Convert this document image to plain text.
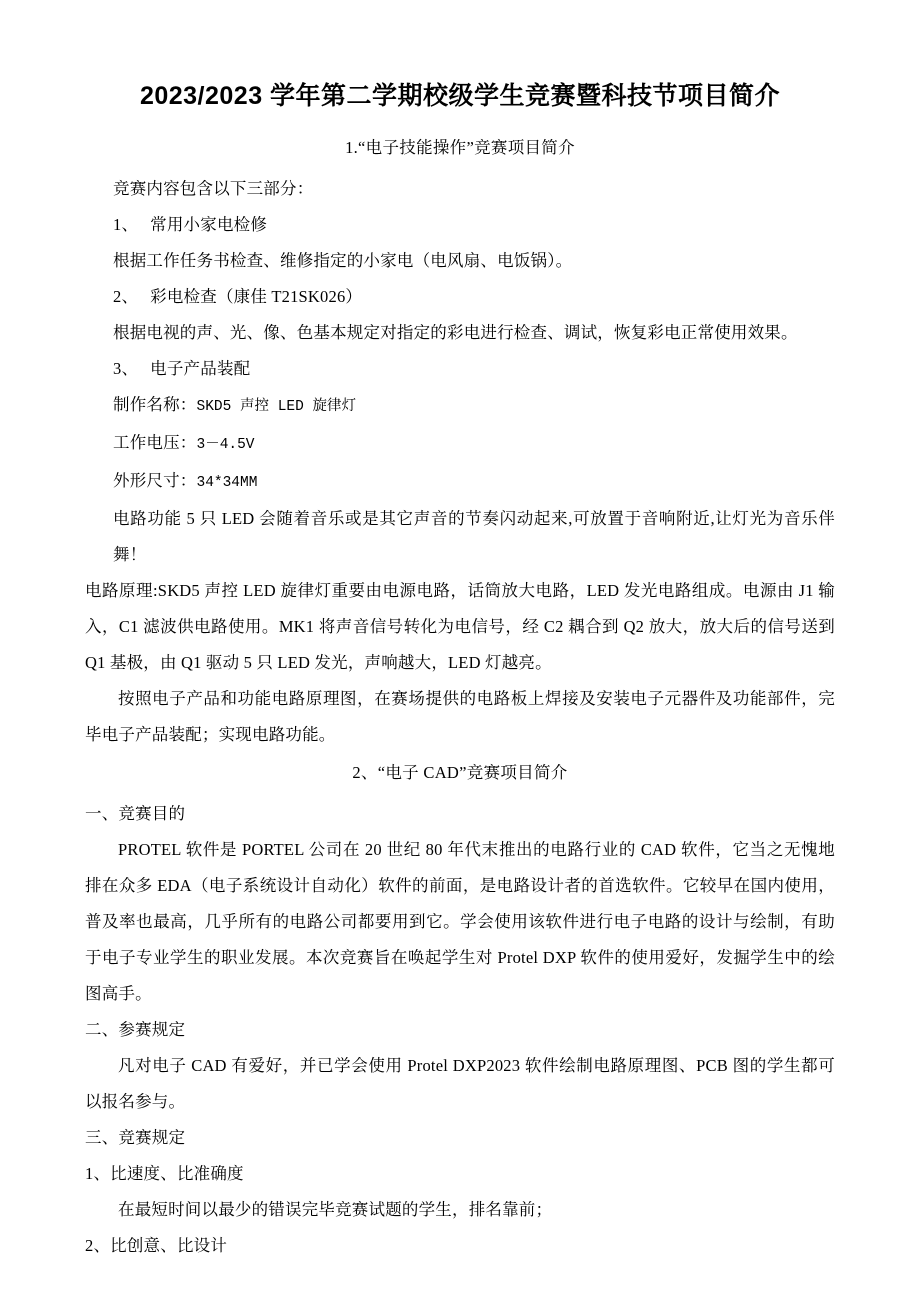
2023/2023 学年第二学期校级学生竞赛暨科技节项目简介
1.“电子技能操作”竞赛项目简介

竞赛内容包含以下三部分：

1、 常用小家电检修

根据工作任务书检查、维修指定的小家电（电风扇、电饭锅）。

2、 彩电检查（康佳 T21SK026）

根据电视的声、光、像、色基本规定对指定的彩电进行检查、调试，恢复彩电正常使用效果。

3、 电子产品装配

制作名称：SKD5 声控 LED 旋律灯

工作电压：3－4.5V

外形尺寸：34*34MM

电路功能 5 只 LED 会随着音乐或是其它声音的节奏闪动起来,可放置于音响附近,让灯光为音乐伴舞！

电路原理:SKD5 声控 LED 旋律灯重要由电源电路，话筒放大电路，LED 发光电路组成。电源由 J1 输入，C1 滤波供电路使用。MK1 将声音信号转化为电信号，经 C2 耦合到 Q2 放大，放大后的信号送到 Q1 基极，由 Q1 驱动 5 只 LED 发光，声响越大，LED 灯越亮。

按照电子产品和功能电路原理图，在赛场提供的电路板上焊接及安装电子元器件及功能部件，完毕电子产品装配；实现电路功能。

2、“电子 CAD”竞赛项目简介

一、竞赛目的

PROTEL 软件是 PORTEL 公司在 20 世纪 80 年代末推出的电路行业的 CAD 软件，它当之无愧地排在众多 EDA（电子系统设计自动化）软件的前面，是电路设计者的首选软件。它较早在国内使用，普及率也最高，几乎所有的电路公司都要用到它。学会使用该软件进行电子电路的设计与绘制，有助于电子专业学生的职业发展。本次竞赛旨在唤起学生对 Protel DXP 软件的使用爱好，发掘学生中的绘图高手。

二、参赛规定

凡对电子 CAD 有爱好，并已学会使用 Protel DXP2023 软件绘制电路原理图、PCB 图的学生都可以报名参与。

三、竞赛规定

1、比速度、比准确度

在最短时间以最少的错误完毕竞赛试题的学生，排名靠前；

2、比创意、比设计
